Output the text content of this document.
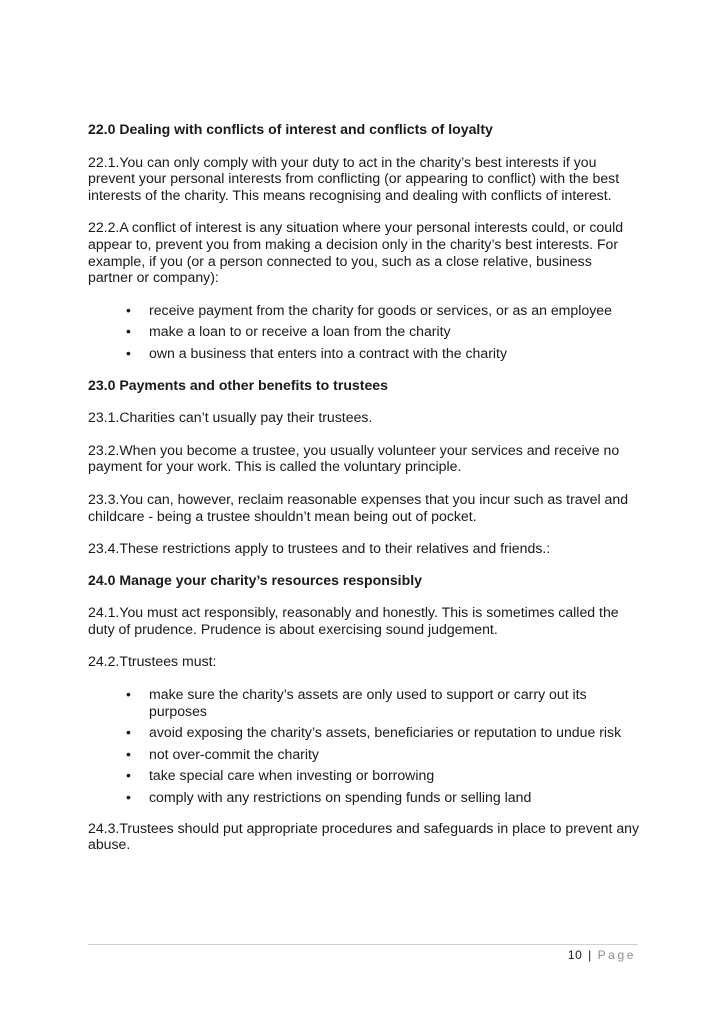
22.0 Dealing with conflicts of interest and conflicts of loyalty

22.1.You can only comply with your duty to act in the charity’s best interests if you prevent your personal interests from conflicting (or appearing to conflict) with the best interests of the charity. This means recognising and dealing with conflicts of interest.

22.2.A conflict of interest is any situation where your personal interests could, or could appear to, prevent you from making a decision only in the charity’s best interests. For example, if you (or a person connected to you, such as a close relative, business partner or company):

• receive payment from the charity for goods or services, or as an employee
• make a loan to or receive a loan from the charity
• own a business that enters into a contract with the charity
23.0 Payments and other benefits to trustees

23.1.Charities can’t usually pay their trustees.

23.2.When you become a trustee, you usually volunteer your services and receive no payment for your work. This is called the voluntary principle.

23.3.You can, however, reclaim reasonable expenses that you incur such as travel and childcare - being a trustee shouldn’t mean being out of pocket.

23.4.These restrictions apply to trustees and to their relatives and friends.:

24.0 Manage your charity’s resources responsibly

24.1.You must act responsibly, reasonably and honestly. This is sometimes called the duty of prudence. Prudence is about exercising sound judgement.

24.2.Ttrustees must:

• make sure the charity’s assets are only used to support or carry out its purposes
• avoid exposing the charity’s assets, beneficiaries or reputation to undue risk
• not over-commit the charity
• take special care when investing or borrowing
• comply with any restrictions on spending funds or selling land

24.3.Trustees should put appropriate procedures and safeguards in place to prevent any abuse.

10 | Page
